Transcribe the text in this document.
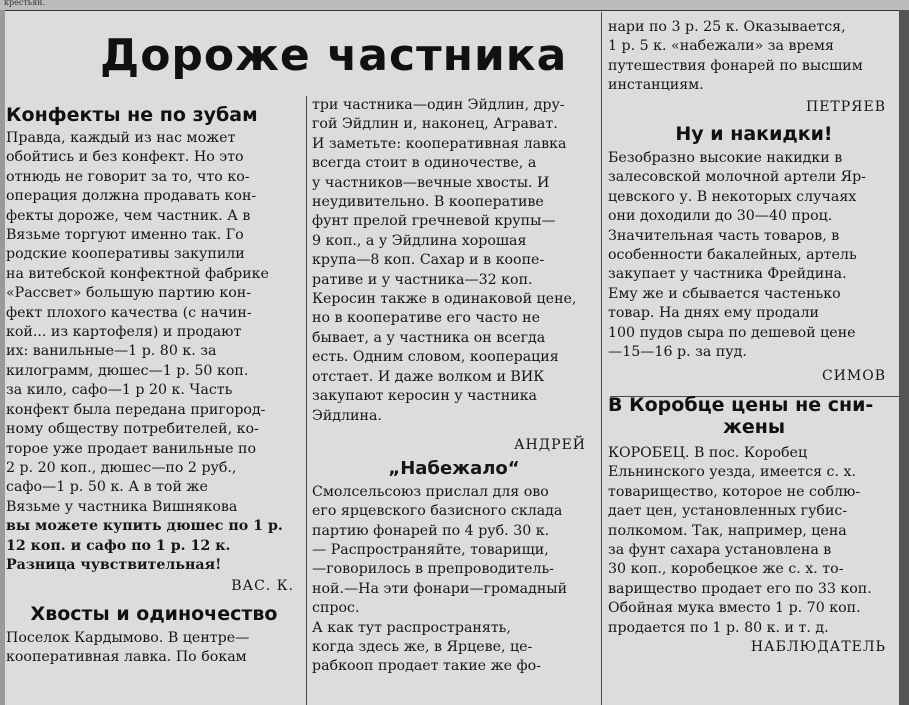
крестьян.
Дороже частника
Конфекты не по зубам
Правда, каждый из нас может
обойтись и без конфект. Но это
отнюдь не говорит за то, что ко-
операция должна продавать кон-
фекты дороже, чем частник. А в
Вязьме торгуют именно так. Го
родские кооперативы закупили
на витебской конфектной фабрике
«Рассвет» большую партию кон-
фект плохого качества (с начин-
кой... из картофеля) и продают
их: ванильные—1 р. 80 к. за
килограмм, дюшес—1 р. 50 коп.
за кило, сафо—1 р 20 к. Часть
конфект была передана пригород-
ному обществу потребителей, ко-
торое уже продает ванильные по
2 р. 20 коп., дюшес—по 2 руб.,
сафо—1 р. 50 к. А в той же
Вязьме у частника Вишнякова
вы можете купить дюшес по 1 р.
12 коп. и сафо по 1 р. 12 к.
Разница чувствительная!
ВАС. К.
Хвосты и одиночество
Поселок Кардымово. В центре—
кооперативная лавка. По бокам
три частника—один Эйдлин, дру-
гой Эйдлин и, наконец, Аграват.
И заметьте: кооперативная лавка
всегда стоит в одиночестве, а
у частников—вечные хвосты. И
неудивительно. В кооперативе
фунт прелой гречневой крупы—
9 коп., а у Эйдлина хорошая
крупа—8 коп. Сахар и в коопе-
ративе и у частника—32 коп.
Керосин также в одинаковой цене,
но в кооперативе его часто не
бывает, а у частника он всегда
есть. Одним словом, кооперация
отстает. И даже волком и ВИК
закупают керосин у частника
Эйдлина.
АНДРЕЙ
„Набежало“
Смолсельсоюз прислал для ово
его ярцевского базисного склада
партию фонарей по 4 руб. 30 к.
— Распространяйте, товарищи,
—говорилось в препроводитель-
ной.—На эти фонари—громадный
спрос.
А как тут распространять,
когда здесь же, в Ярцеве, це-
рабкооп продает такие же фо-
нари по 3 р. 25 к. Оказывается,
1 р. 5 к. «набежали» за время
путешествия фонарей по высшим
инстанциям.
ПЕТРЯЕВ
Ну и накидки!
Безобразно высокие накидки в
залесовской молочной артели Яр-
цевского у. В некоторых случаях
они доходили до 30—40 проц.
Значительная часть товаров, в
особенности бакалейных, артель
закупает у частника Фрейдина.
Ему же и сбывается частенько
товар. На днях ему продали
100 пудов сыра по дешевой цене
—15—16 р. за пуд.
СИМОВ
В Коробце цены не сни-
жены
КОРОБЕЦ. В пос. Коробец
Ельнинского уезда, имеется с. х.
товарищество, которое не соблю-
дает цен, установленных губис-
полкомом. Так, например, цена
за фунт сахара установлена в
30 коп., коробецкое же с. х. то-
варищество продает его по 33 коп.
Обойная мука вместо 1 р. 70 коп.
продается по 1 р. 80 к. и т. д.
НАБЛЮДАТЕЛЬ
